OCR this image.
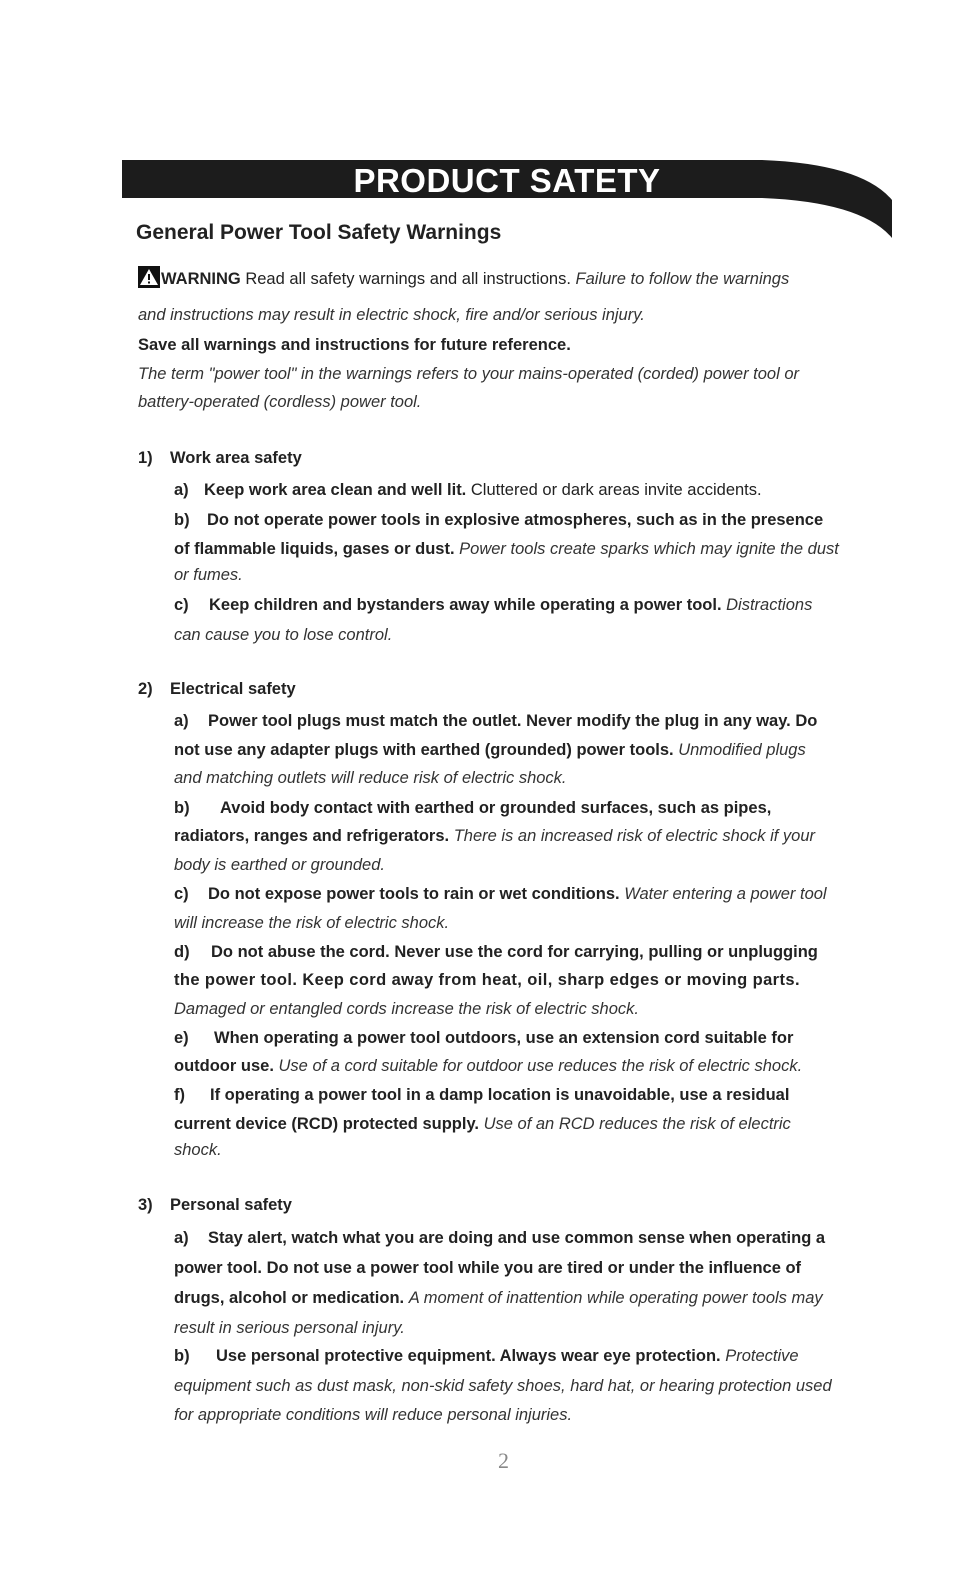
PRODUCT SATETY
General Power Tool Safety Warnings
WARNING Read all safety warnings and all instructions. Failure to follow the warnings
and instructions may result in electric shock, fire and/or serious injury.
Save all warnings and instructions for future reference.
The term "power tool" in the warnings refers to your mains-operated (corded) power tool or
battery-operated (cordless) power tool.
1) Work area safety
a) Keep work area clean and well lit. Cluttered or dark areas invite accidents.
b) Do not operate power tools in explosive atmospheres, such as in the presence
of flammable liquids, gases or dust. Power tools create sparks which may ignite the dust
or fumes.
c) Keep children and bystanders away while operating a power tool. Distractions
can cause you to lose control.
2) Electrical safety
a) Power tool plugs must match the outlet. Never modify the plug in any way. Do
not use any adapter plugs with earthed (grounded) power tools. Unmodified plugs
and matching outlets will reduce risk of electric shock.
b) Avoid body contact with earthed or grounded surfaces, such as pipes,
radiators, ranges and refrigerators. There is an increased risk of electric shock if your
body is earthed or grounded.
c) Do not expose power tools to rain or wet conditions. Water entering a power tool
will increase the risk of electric shock.
d) Do not abuse the cord. Never use the cord for carrying, pulling or unplugging
the power tool. Keep cord away from heat, oil, sharp edges or moving parts.
Damaged or entangled cords increase the risk of electric shock.
e) When operating a power tool outdoors, use an extension cord suitable for
outdoor use. Use of a cord suitable for outdoor use reduces the risk of electric shock.
f) If operating a power tool in a damp location is unavoidable, use a residual
current device (RCD) protected supply. Use of an RCD reduces the risk of electric
shock.
3) Personal safety
a) Stay alert, watch what you are doing and use common sense when operating a
power tool. Do not use a power tool while you are tired or under the influence of
drugs, alcohol or medication. A moment of inattention while operating power tools may
result in serious personal injury.
b) Use personal protective equipment. Always wear eye protection. Protective
equipment such as dust mask, non-skid safety shoes, hard hat, or hearing protection used
for appropriate conditions will reduce personal injuries.
2
